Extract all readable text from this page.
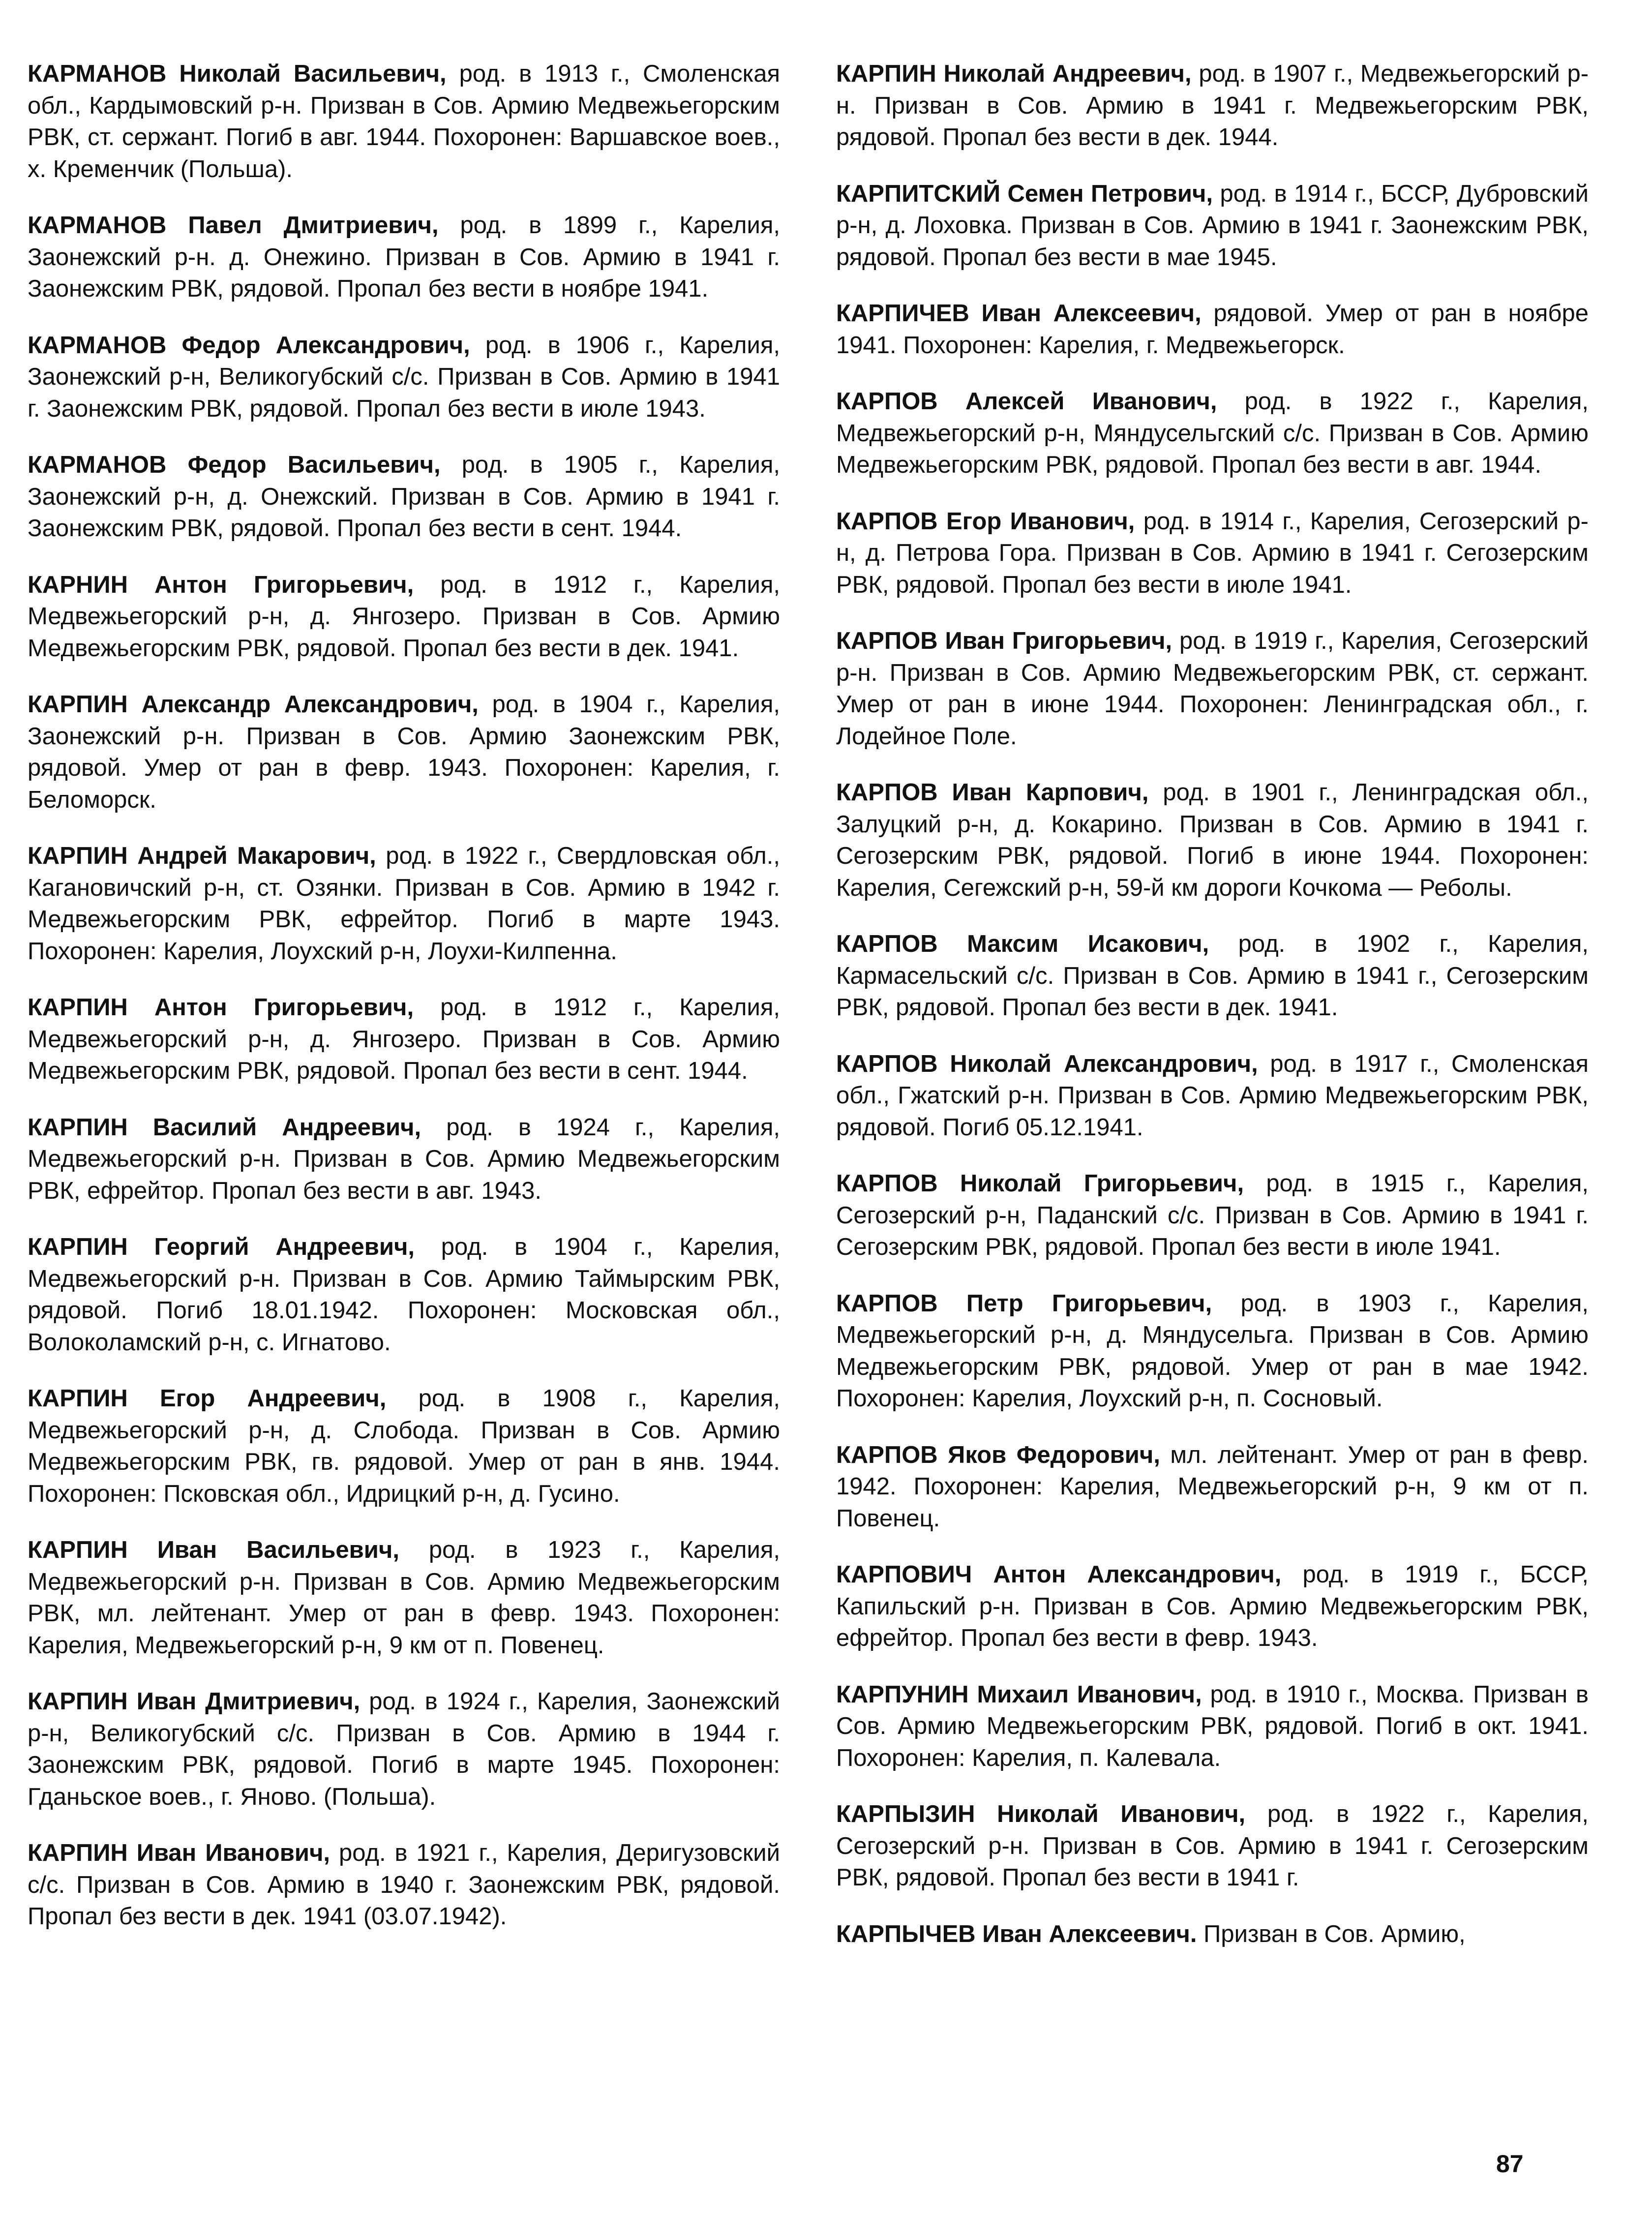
КАРМАНОВ Николай Васильевич, род. в 1913 г., Смоленская обл., Кардымовский р-н. Призван в Сов. Армию Медвежьегорским РВК, ст. сержант. Погиб в авг. 1944. Похоронен: Варшавское воев., х. Кременчик (Польша).

КАРМАНОВ Павел Дмитриевич, род. в 1899 г., Карелия, Заонежский р-н. д. Онежино. Призван в Сов. Армию в 1941 г. Заонежским РВК, рядовой. Пропал без вести в ноябре 1941.

КАРМАНОВ Федор Александрович, род. в 1906 г., Карелия, Заонежский р-н, Великогубский с/с. Призван в Сов. Армию в 1941 г. Заонежским РВК, рядовой. Пропал без вести в июле 1943.

КАРМАНОВ Федор Васильевич, род. в 1905 г., Карелия, Заонежский р-н, д. Онежский. Призван в Сов. Армию в 1941 г. Заонежским РВК, рядовой. Пропал без вести в сент. 1944.

КАРНИН Антон Григорьевич, род. в 1912 г., Карелия, Медвежьегорский р-н, д. Янгозеро. Призван в Сов. Армию Медвежьегорским РВК, рядовой. Пропал без вести в дек. 1941.

КАРПИН Александр Александрович, род. в 1904 г., Карелия, Заонежский р-н. Призван в Сов. Армию Заонежским РВК, рядовой. Умер от ран в февр. 1943. Похоронен: Карелия, г. Беломорск.

КАРПИН Андрей Макарович, род. в 1922 г., Свердловская обл., Кагановичский р-н, ст. Озянки. Призван в Сов. Армию в 1942 г. Медвежьегорским РВК, ефрейтор. Погиб в марте 1943. Похоронен: Карелия, Лоухский р-н, Лоухи-Килпенна.

КАРПИН Антон Григорьевич, род. в 1912 г., Карелия, Медвежьегорский р-н, д. Янгозеро. Призван в Сов. Армию Медвежьегорским РВК, рядовой. Пропал без вести в сент. 1944.

КАРПИН Василий Андреевич, род. в 1924 г., Карелия, Медвежьегорский р-н. Призван в Сов. Армию Медвежьегорским РВК, ефрейтор. Пропал без вести в авг. 1943.

КАРПИН Георгий Андреевич, род. в 1904 г., Карелия, Медвежьегорский р-н. Призван в Сов. Армию Таймырским РВК, рядовой. Погиб 18.01.1942. Похоронен: Московская обл., Волоколамский р-н, с. Игнатово.

КАРПИН Егор Андреевич, род. в 1908 г., Карелия, Медвежьегорский р-н, д. Слобода. Призван в Сов. Армию Медвежьегорским РВК, гв. рядовой. Умер от ран в янв. 1944. Похоронен: Псковская обл., Идрицкий р-н, д. Гусино.

КАРПИН Иван Васильевич, род. в 1923 г., Карелия, Медвежьегорский р-н. Призван в Сов. Армию Медвежьегорским РВК, мл. лейтенант. Умер от ран в февр. 1943. Похоронен: Карелия, Медвежьегорский р-н, 9 км от п. Повенец.

КАРПИН Иван Дмитриевич, род. в 1924 г., Карелия, Заонежский р-н, Великогубский с/с. Призван в Сов. Армию в 1944 г. Заонежским РВК, рядовой. Погиб в марте 1945. Похоронен: Гданьское воев., г. Яново. (Польша).

КАРПИН Иван Иванович, род. в 1921 г., Карелия, Деригузовский с/с. Призван в Сов. Армию в 1940 г. Заонежским РВК, рядовой. Пропал без вести в дек. 1941 (03.07.1942).

КАРПИН Николай Андреевич, род. в 1907 г., Медвежьегорский р-н. Призван в Сов. Армию в 1941 г. Медвежьегорским РВК, рядовой. Пропал без вести в дек. 1944.

КАРПИТСКИЙ Семен Петрович, род. в 1914 г., БССР, Дубровский р-н, д. Лоховка. Призван в Сов. Армию в 1941 г. Заонежским РВК, рядовой. Пропал без вести в мае 1945.

КАРПИЧЕВ Иван Алексеевич, рядовой. Умер от ран в ноябре 1941. Похоронен: Карелия, г. Медвежьегорск.

КАРПОВ Алексей Иванович, род. в 1922 г., Карелия, Медвежьегорский р-н, Мяндусельгский с/с. Призван в Сов. Армию Медвежьегорским РВК, рядовой. Пропал без вести в авг. 1944.

КАРПОВ Егор Иванович, род. в 1914 г., Карелия, Сегозерский р-н, д. Петрова Гора. Призван в Сов. Армию в 1941 г. Сегозерским РВК, рядовой. Пропал без вести в июле 1941.

КАРПОВ Иван Григорьевич, род. в 1919 г., Карелия, Сегозерский р-н. Призван в Сов. Армию Медвежьегорским РВК, ст. сержант. Умер от ран в июне 1944. Похоронен: Ленинградская обл., г. Лодейное Поле.

КАРПОВ Иван Карпович, род. в 1901 г., Ленинградская обл., Залуцкий р-н, д. Кокарино. Призван в Сов. Армию в 1941 г. Сегозерским РВК, рядовой. Погиб в июне 1944. Похоронен: Карелия, Сегежский р-н, 59-й км дороги Кочкома — Реболы.

КАРПОВ Максим Исакович, род. в 1902 г., Карелия, Кармасельский с/с. Призван в Сов. Армию в 1941 г., Сегозерским РВК, рядовой. Пропал без вести в дек. 1941.

КАРПОВ Николай Александрович, род. в 1917 г., Смоленская обл., Гжатский р-н. Призван в Сов. Армию Медвежьегорским РВК, рядовой. Погиб 05.12.1941.

КАРПОВ Николай Григорьевич, род. в 1915 г., Карелия, Сегозерский р-н, Паданский с/с. Призван в Сов. Армию в 1941 г. Сегозерским РВК, рядовой. Пропал без вести в июле 1941.

КАРПОВ Петр Григорьевич, род. в 1903 г., Карелия, Медвежьегорский р-н, д. Мяндусельга. Призван в Сов. Армию Медвежьегорским РВК, рядовой. Умер от ран в мае 1942. Похоронен: Карелия, Лоухский р-н, п. Сосновый.

КАРПОВ Яков Федорович, мл. лейтенант. Умер от ран в февр. 1942. Похоронен: Карелия, Медвежьегорский р-н, 9 км от п. Повенец.

КАРПОВИЧ Антон Александрович, род. в 1919 г., БССР, Капильский р-н. Призван в Сов. Армию Медвежьегорским РВК, ефрейтор. Пропал без вести в февр. 1943.

КАРПУНИН Михаил Иванович, род. в 1910 г., Москва. Призван в Сов. Армию Медвежьегорским РВК, рядовой. Погиб в окт. 1941. Похоронен: Карелия, п. Калевала.

КАРПЫЗИН Николай Иванович, род. в 1922 г., Карелия, Сегозерский р-н. Призван в Сов. Армию в 1941 г. Сегозерским РВК, рядовой. Пропал без вести в 1941 г.

КАРПЫЧЕВ Иван Алексеевич. Призван в Сов. Армию,

87
